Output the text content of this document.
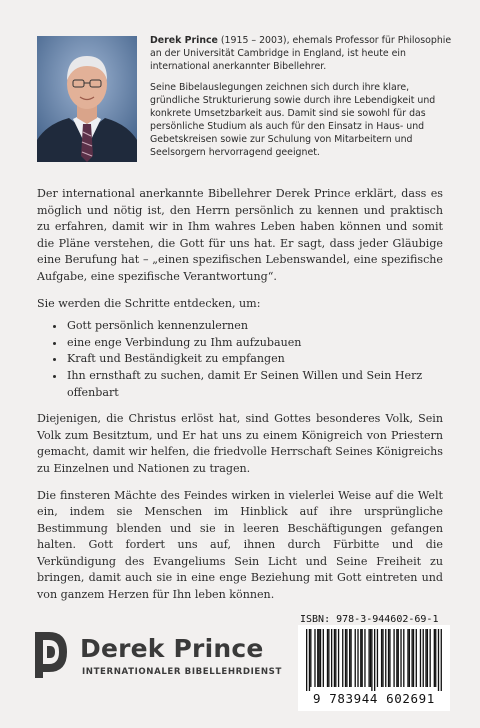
Derek Prince (1915 – 2003), ehemals Professor für Philosophie an der Universität Cambridge in England, ist heute ein international anerkannter Bibellehrer.

Seine Bibelauslegungen zeichnen sich durch ihre klare, gründliche Strukturierung sowie durch ihre Lebendigkeit und konkrete Umsetzbarkeit aus. Damit sind sie sowohl für das persönliche Studium als auch für den Einsatz in Haus- und Gebetskreisen sowie zur Schulung von Mitarbeitern und Seelsorgern hervorragend geeignet.

Der international anerkannte Bibellehrer Derek Prince erklärt, dass es möglich und nötig ist, den Herrn persönlich zu kennen und praktisch zu erfahren, damit wir in Ihm wahres Leben haben können und somit die Pläne verstehen, die Gott für uns hat. Er sagt, dass jeder Gläubige eine Berufung hat – „einen spezifischen Lebenswandel, eine spezifische Aufgabe, eine spezifische Verantwortung“.

Sie werden die Schritte entdecken, um:

• Gott persönlich kennenzulernen
• eine enge Verbindung zu Ihm aufzubauen
• Kraft und Beständigkeit zu empfangen
• Ihn ernsthaft zu suchen, damit Er Seinen Willen und Sein Herz offenbart

Diejenigen, die Christus erlöst hat, sind Gottes besonderes Volk, Sein Volk zum Besitztum, und Er hat uns zu einem Königreich von Priestern gemacht, damit wir helfen, die friedvolle Herrschaft Seines Königreichs zu Einzelnen und Nationen zu tragen.

Die finsteren Mächte des Feindes wirken in vielerlei Weise auf die Welt ein, indem sie Menschen im Hinblick auf ihre ursprüngliche Bestimmung blenden und sie in leeren Beschäftigungen gefangen halten. Gott fordert uns auf, ihnen durch Fürbitte und die Verkündigung des Evangeliums Sein Licht und Seine Freiheit zu bringen, damit auch sie in eine enge Beziehung mit Gott eintreten und von ganzem Herzen für Ihn leben können.

Derek Prince
INTERNATIONALER BIBELLEHRDIENST
ISBN: 978-3-944602-69-1
9 783944 602691
